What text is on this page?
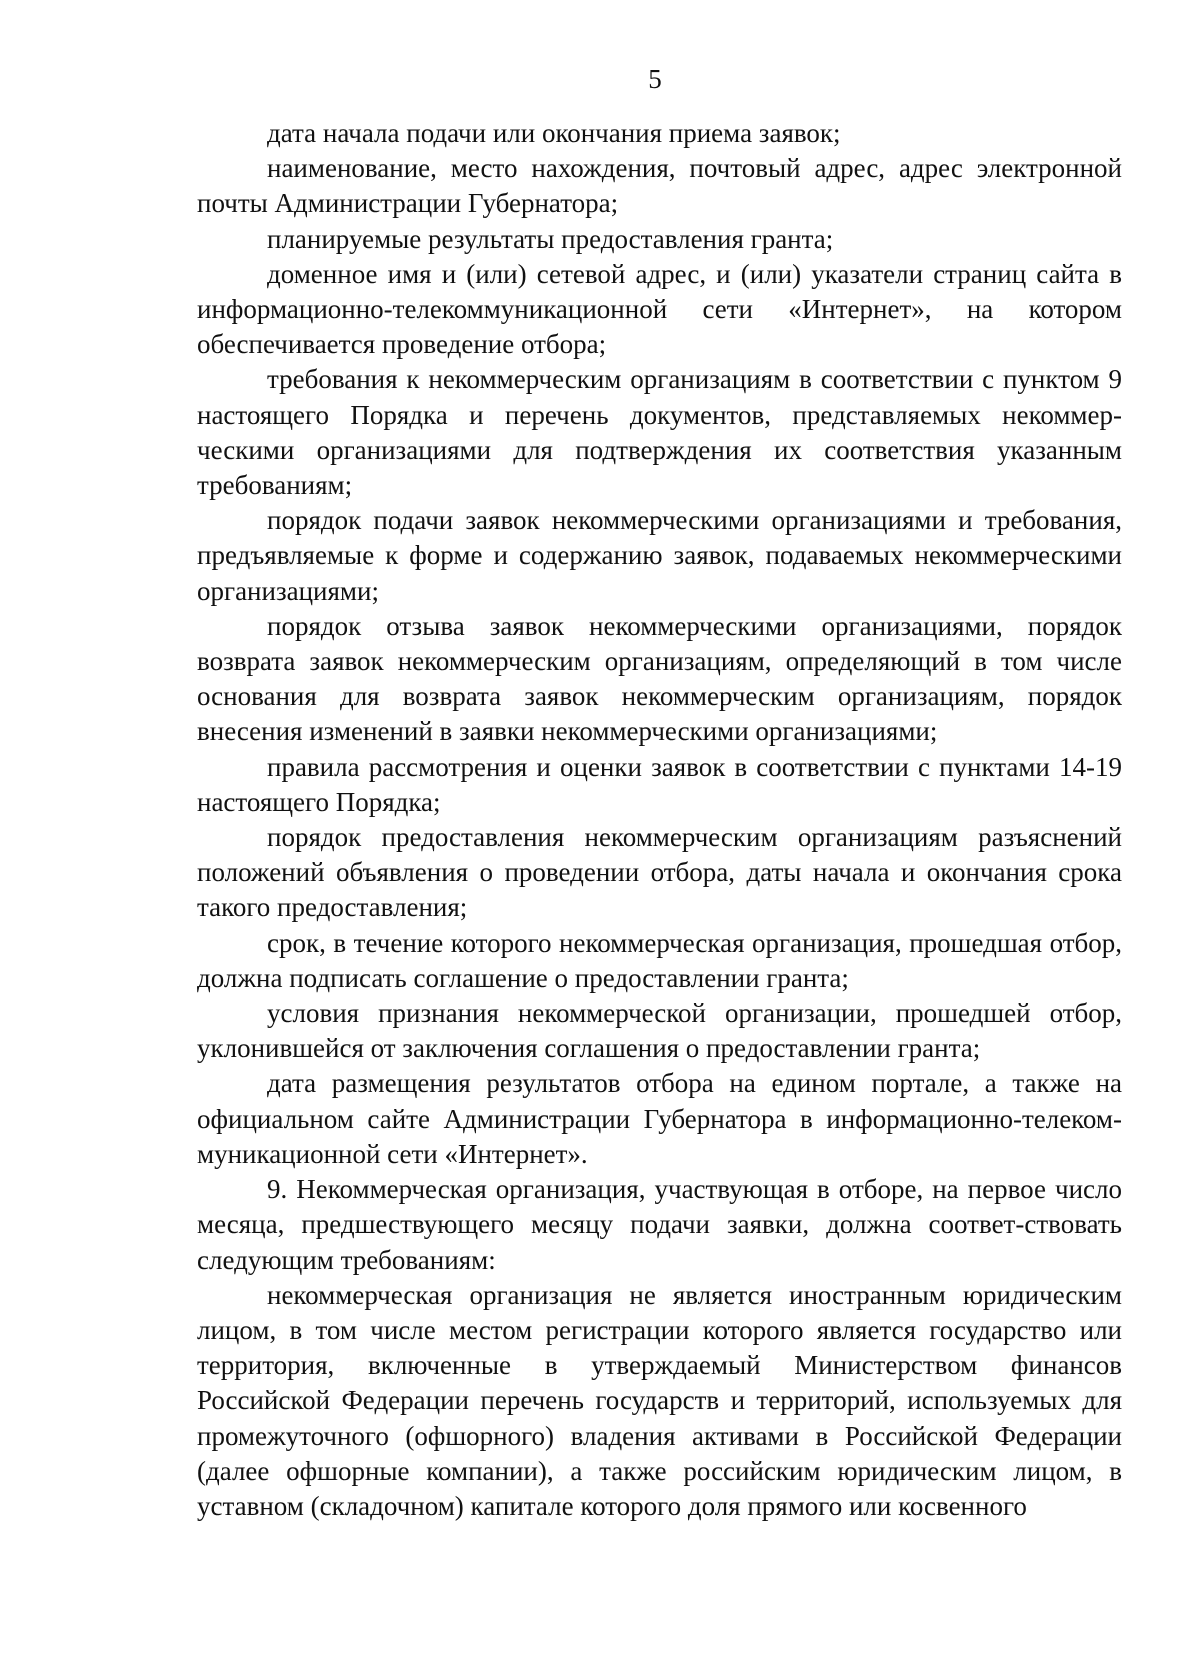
5

дата начала подачи или окончания приема заявок;

наименование, место нахождения, почтовый адрес, адрес электронной почты Администрации Губернатора;

планируемые результаты предоставления гранта;

доменное имя и (или) сетевой адрес, и (или) указатели страниц сайта в информационно-телекоммуникационной сети «Интернет», на котором обеспечивается проведение отбора;

требования к некоммерческим организациям в соответствии с пунктом 9 настоящего Порядка и перечень документов, представляемых некоммер-ческими организациями для подтверждения их соответствия указанным требованиям;

порядок подачи заявок некоммерческими организациями и требования, предъявляемые к форме и содержанию заявок, подаваемых некоммерческими организациями;

порядок отзыва заявок некоммерческими организациями, порядок возврата заявок некоммерческим организациям, определяющий в том числе основания для возврата заявок некоммерческим организациям, порядок внесения изменений в заявки некоммерческими организациями;

правила рассмотрения и оценки заявок в соответствии с пунктами 14-19 настоящего Порядка;

порядок предоставления некоммерческим организациям разъяснений положений объявления о проведении отбора, даты начала и окончания срока такого предоставления;

срок, в течение которого некоммерческая организация, прошедшая отбор, должна подписать соглашение о предоставлении гранта;

условия признания некоммерческой организации, прошедшей отбор, уклонившейся от заключения соглашения о предоставлении гранта;

дата размещения результатов отбора на едином портале, а также на официальном сайте Администрации Губернатора в информационно-телеком-муникационной сети «Интернет».

9. Некоммерческая организация, участвующая в отборе, на первое число месяца, предшествующего месяцу подачи заявки, должна соответ-ствовать следующим требованиям:

некоммерческая организация не является иностранным юридическим лицом, в том числе местом регистрации которого является государство или территория, включенные в утверждаемый Министерством финансов Российской Федерации перечень государств и территорий, используемых для промежуточного (офшорного) владения активами в Российской Федерации (далее офшорные компании), а также российским юридическим лицом, в уставном (складочном) капитале которого доля прямого или косвенного
